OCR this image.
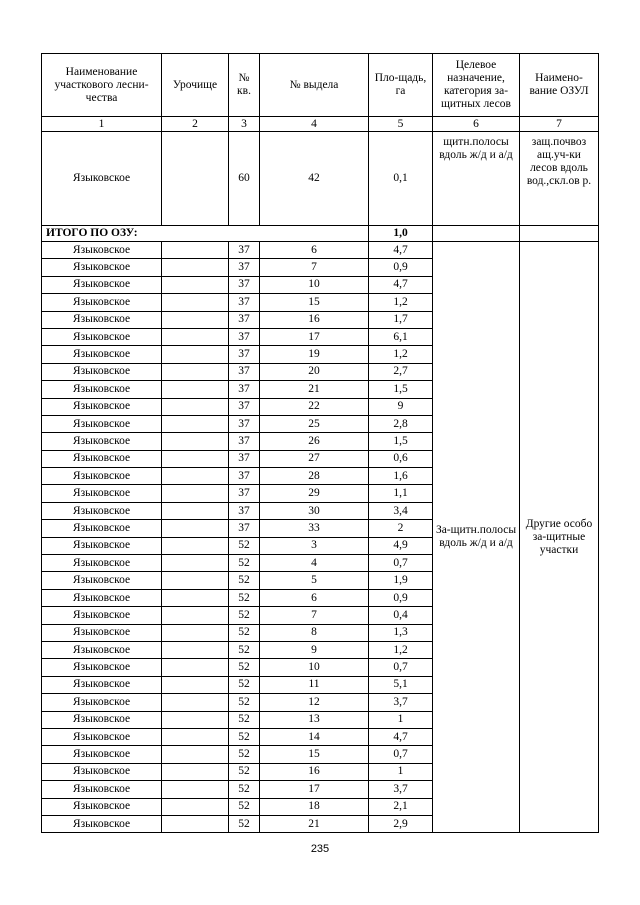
Наименование участкового лесни-чества	Урочище	№ кв.	№ выдела	Пло-щадь, га	Целевое назначение, категория за-щитных лесов	Наимено-вание ОЗУЛ
1	2	3	4	5	6	7
Языковское		60	42	0,1	щитн.полосы вдоль ж/д и а/д	защ.почвоз ащ.уч-ки лесов вдоль вод.,скл.ов р.
ИТОГО ПО ОЗУ:				1,0		
Языковское		37	6	4,7	За-щитн.полосы вдоль ж/д и а/д	Другие особо за-щитные участки
Языковское		37	7	0,9		
Языковское		37	10	4,7		
Языковское		37	15	1,2		
Языковское		37	16	1,7		
Языковское		37	17	6,1		
Языковское		37	19	1,2		
Языковское		37	20	2,7		
Языковское		37	21	1,5		
Языковское		37	22	9		
Языковское		37	25	2,8		
Языковское		37	26	1,5		
Языковское		37	27	0,6		
Языковское		37	28	1,6		
Языковское		37	29	1,1		
Языковское		37	30	3,4		
Языковское		37	33	2		
Языковское		52	3	4,9		
Языковское		52	4	0,7		
Языковское		52	5	1,9		
Языковское		52	6	0,9		
Языковское		52	7	0,4		
Языковское		52	8	1,3		
Языковское		52	9	1,2		
Языковское		52	10	0,7		
Языковское		52	11	5,1		
Языковское		52	12	3,7		
Языковское		52	13	1		
Языковское		52	14	4,7		
Языковское		52	15	0,7		
Языковское		52	16	1		
Языковское		52	17	3,7		
Языковское		52	18	2,1		
Языковское		52	21	2,9		
235
